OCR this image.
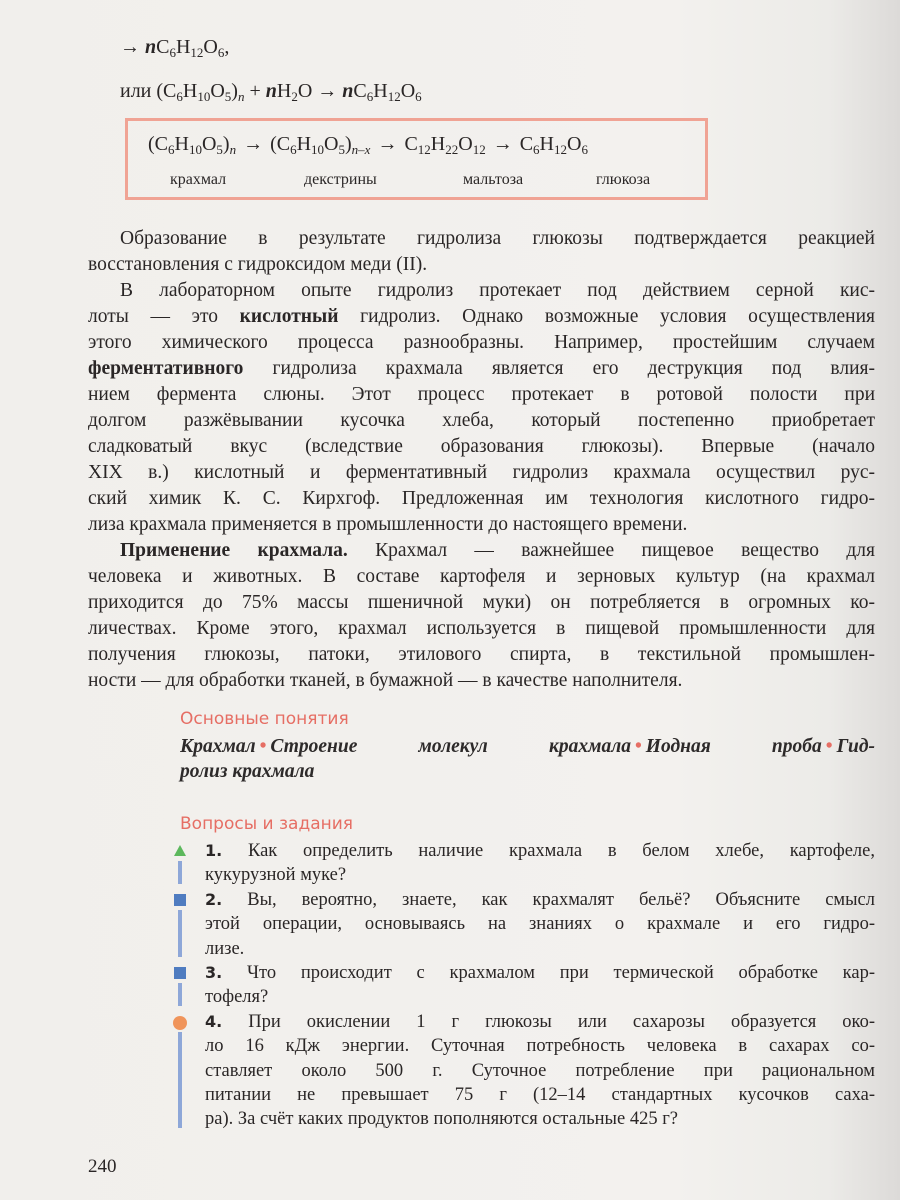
→ $nC_6H_{12}O_6$,
или $(C_6H_{10}O_5)_n + nH_2O \to nC_6H_{12}O_6$
$(C_6H_{10}O_5)_n \to (C_6H_{10}O_5)_{n-x} \to C_{12}H_{22}O_{12} \to C_6H_{12}O_6$
крахмал	декстрины	мальтоза	глюкоза
Образование в результате гидролиза глюкозы подтверждается реакцией
восстановления с гидроксидом меди (II).
В лабораторном опыте гидролиз протекает под действием серной кис-
лоты — это кислотный гидролиз. Однако возможные условия осуществления
этого химического процесса разнообразны. Например, простейшим случаем
ферментативного гидролиза крахмала является его деструкция под влия-
нием фермента слюны. Этот процесс протекает в ротовой полости при
долгом разжёвывании кусочка хлеба, который постепенно приобретает
сладковатый вкус (вследствие образования глюкозы). Впервые (начало
XIX в.) кислотный и ферментативный гидролиз крахмала осуществил рус-
ский химик К. С. Кирхгоф. Предложенная им технология кислотного гидро-
лиза крахмала применяется в промышленности до настоящего времени.
Применение крахмала. Крахмал — важнейшее пищевое вещество для
человека и животных. В составе картофеля и зерновых культур (на крахмал
приходится до 75% массы пшеничной муки) он потребляется в огромных ко-
личествах. Кроме этого, крахмал используется в пищевой промышленности для
получения глюкозы, патоки, этилового спирта, в текстильной промышлен-
ности — для обработки тканей, в бумажной — в качестве наполнителя.
Основные понятия
Крахмал • Строение молекул крахмала • Иодная проба • Гид-
ролиз крахмала
Вопросы и задания
1. Как определить наличие крахмала в белом хлебе, картофеле,
кукурузной муке?
2. Вы, вероятно, знаете, как крахмалят бельё? Объясните смысл
этой операции, основываясь на знаниях о крахмале и его гидро-
лизе.
3. Что происходит с крахмалом при термической обработке кар-
тофеля?
4. При окислении 1 г глюкозы или сахарозы образуется око-
ло 16 кДж энергии. Суточная потребность человека в сахарах со-
ставляет около 500 г. Суточное потребление при рациональном
питании не превышает 75 г (12–14 стандартных кусочков саха-
ра). За счёт каких продуктов пополняются остальные 425 г?
240
